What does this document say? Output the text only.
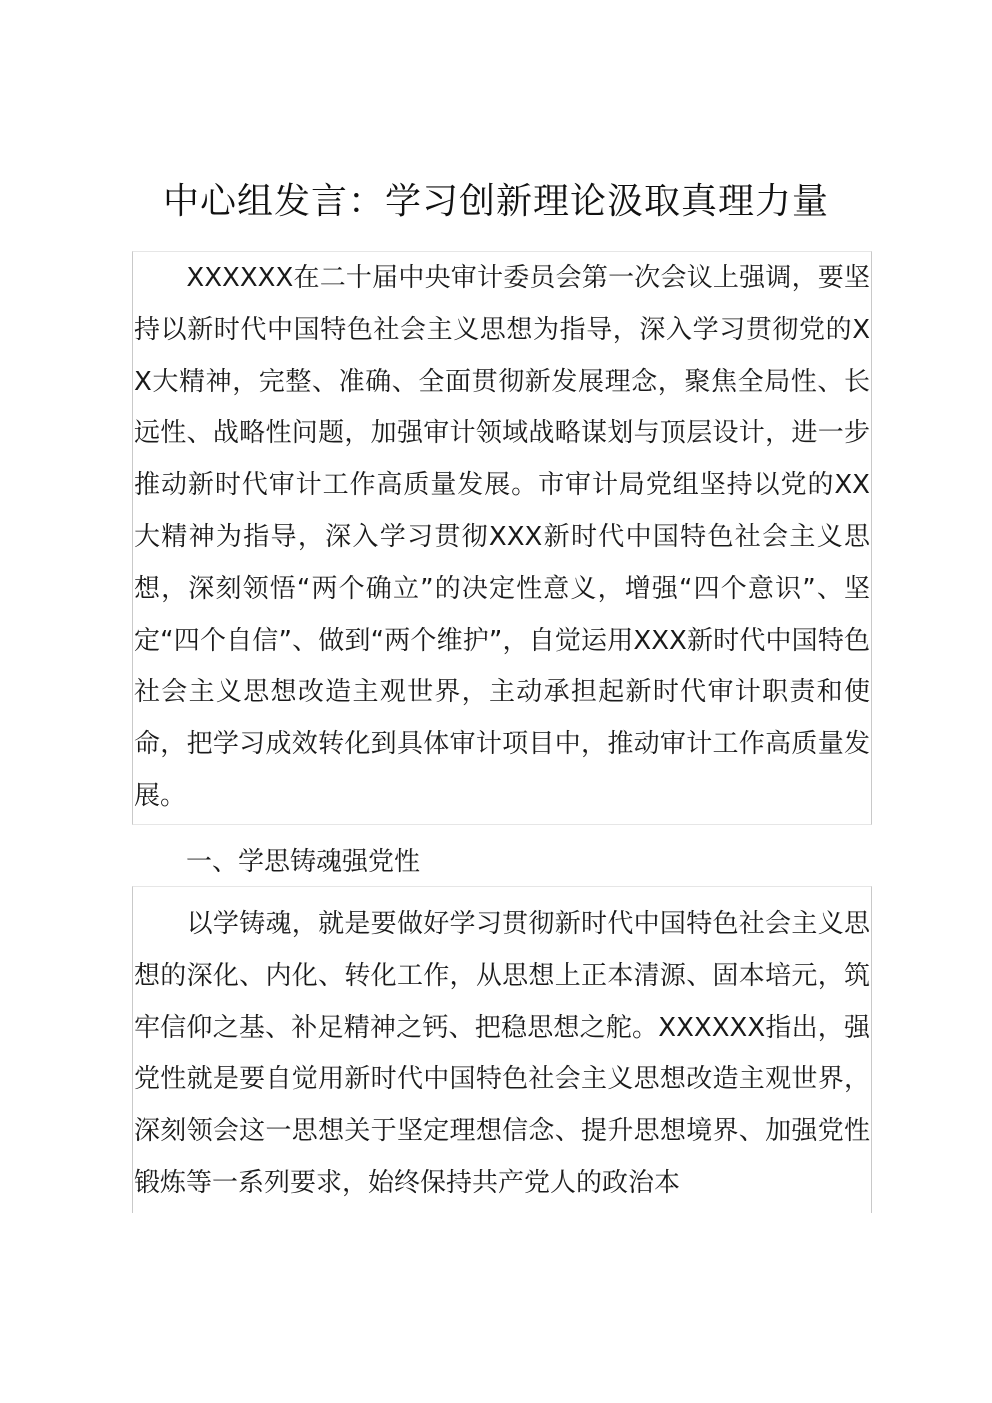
中心组发言：学习创新理论汲取真理力量
　　XXXXXX在二十届中央审计委员会第一次会议上强调，要坚持以新时代中国特色社会主义思想为指导，深入学习贯彻党的XX大精神，完整、准确、全面贯彻新发展理念，聚焦全局性、长远性、战略性问题，加强审计领域战略谋划与顶层设计，进一步推动新时代审计工作高质量发展。市审计局党组坚持以党的XX大精神为指导，深入学习贯彻XXX新时代中国特色社会主义思想，深刻领悟“两个确立”的决定性意义，增强“四个意识”、坚定“四个自信”、做到“两个维护”，自觉运用XXX新时代中国特色社会主义思想改造主观世界，主动承担起新时代审计职责和使命，把学习成效转化到具体审计项目中，推动审计工作高质量发展。
　　一、学思铸魂强党性
　　以学铸魂，就是要做好学习贯彻新时代中国特色社会主义思想的深化、内化、转化工作，从思想上正本清源、固本培元，筑牢信仰之基、补足精神之钙、把稳思想之舵。XXXXXX指出，强党性就是要自觉用新时代中国特色社会主义思想改造主观世界，深刻领会这一思想关于坚定理想信念、提升思想境界、加强党性锻炼等一系列要求，始终保持共产党人的政治本
